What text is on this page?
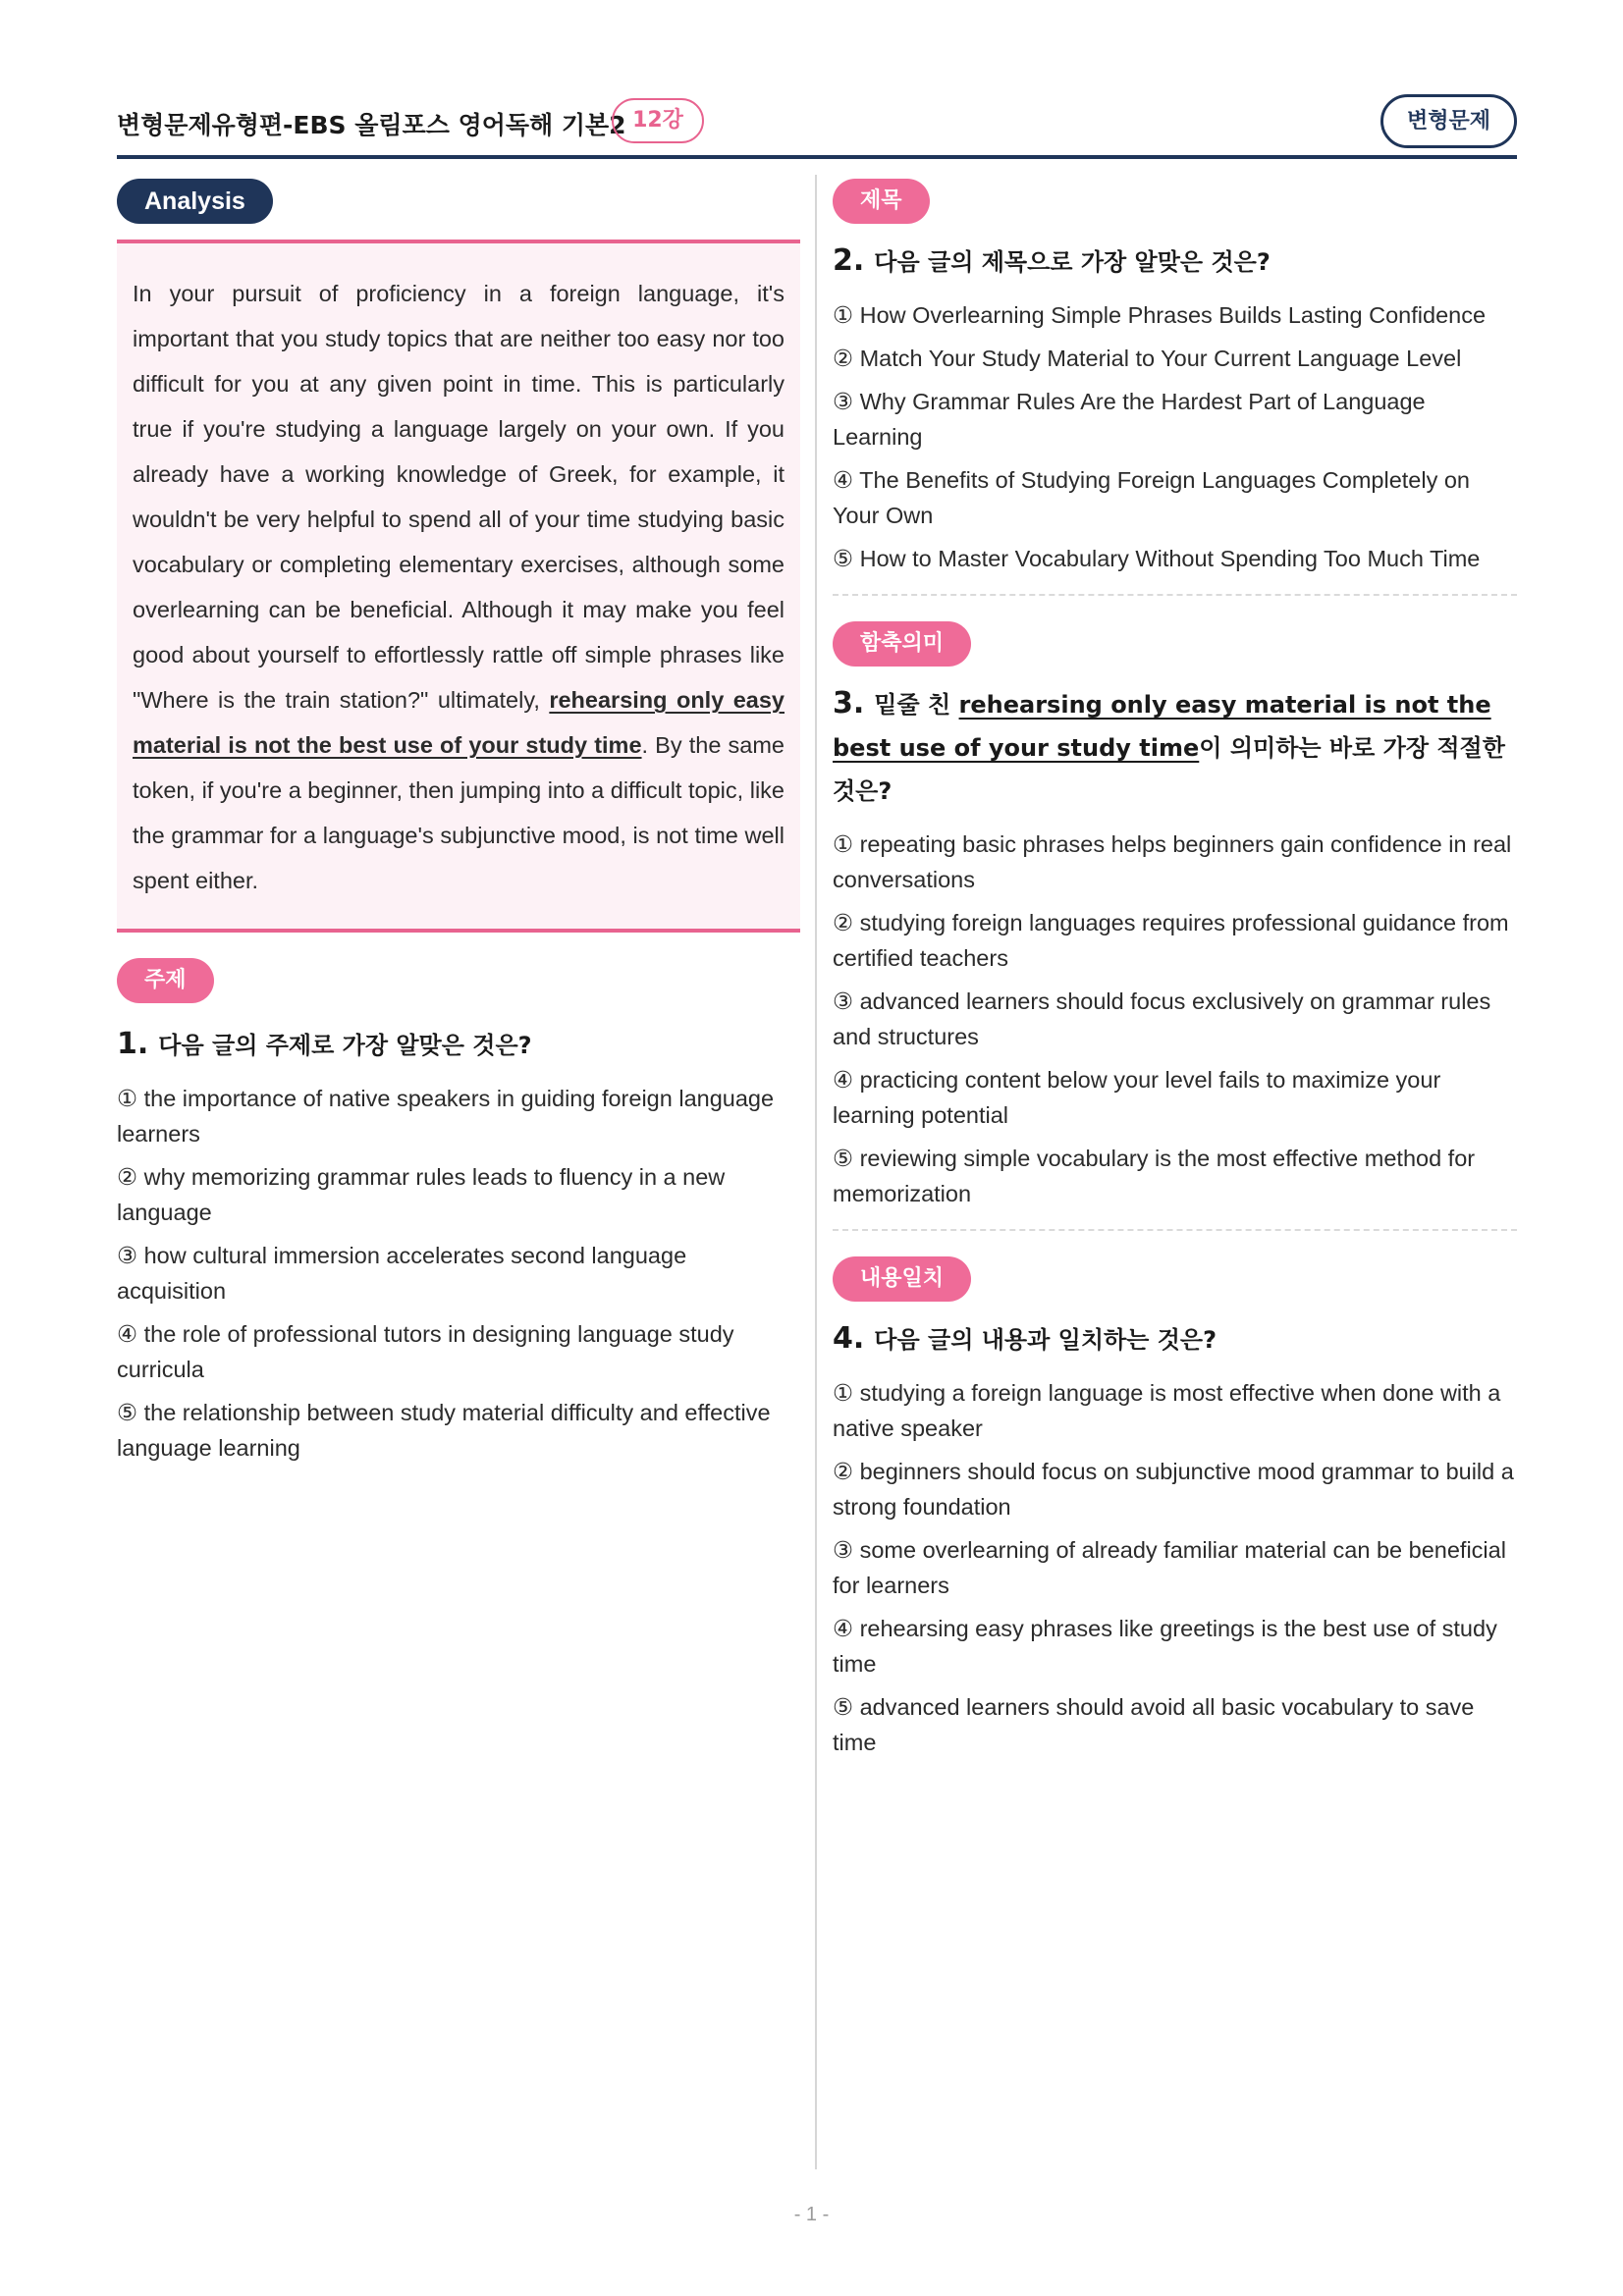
변형문제유형편-EBS 올림포스 영어독해 기본2 12강	변형문제
Analysis

In your pursuit of proficiency in a foreign language, it's important that you study topics that are neither too easy nor too difficult for you at any given point in time. This is particularly true if you're studying a language largely on your own. If you already have a working knowledge of Greek, for example, it wouldn't be very helpful to spend all of your time studying basic vocabulary or completing elementary exercises, although some overlearning can be beneficial. Although it may make you feel good about yourself to effortlessly rattle off simple phrases like "Where is the train station?" ultimately, rehearsing only easy material is not the best use of your study time. By the same token, if you're a beginner, then jumping into a difficult topic, like the grammar for a language's subjunctive mood, is not time well spent either.

주제
1. 다음 글의 주제로 가장 알맞은 것은?
① the importance of native speakers in guiding foreign language learners
② why memorizing grammar rules leads to fluency in a new language
③ how cultural immersion accelerates second language acquisition
④ the role of professional tutors in designing language study curricula
⑤ the relationship between study material difficulty and effective language learning
제목
2. 다음 글의 제목으로 가장 알맞은 것은?
① How Overlearning Simple Phrases Builds Lasting Confidence
② Match Your Study Material to Your Current Language Level
③ Why Grammar Rules Are the Hardest Part of Language Learning
④ The Benefits of Studying Foreign Languages Completely on Your Own
⑤ How to Master Vocabulary Without Spending Too Much Time
함축의미
3. 밑줄 친 rehearsing only easy material is not the best use of your study time이 의미하는 바로 가장 적절한 것은?
① repeating basic phrases helps beginners gain confidence in real conversations
② studying foreign languages requires professional guidance from certified teachers
③ advanced learners should focus exclusively on grammar rules and structures
④ practicing content below your level fails to maximize your learning potential
⑤ reviewing simple vocabulary is the most effective method for memorization
내용일치
4. 다음 글의 내용과 일치하는 것은?
① studying a foreign language is most effective when done with a native speaker
② beginners should focus on subjunctive mood grammar to build a strong foundation
③ some overlearning of already familiar material can be beneficial for learners
④ rehearsing easy phrases like greetings is the best use of study time
⑤ advanced learners should avoid all basic vocabulary to save time
- 1 -
